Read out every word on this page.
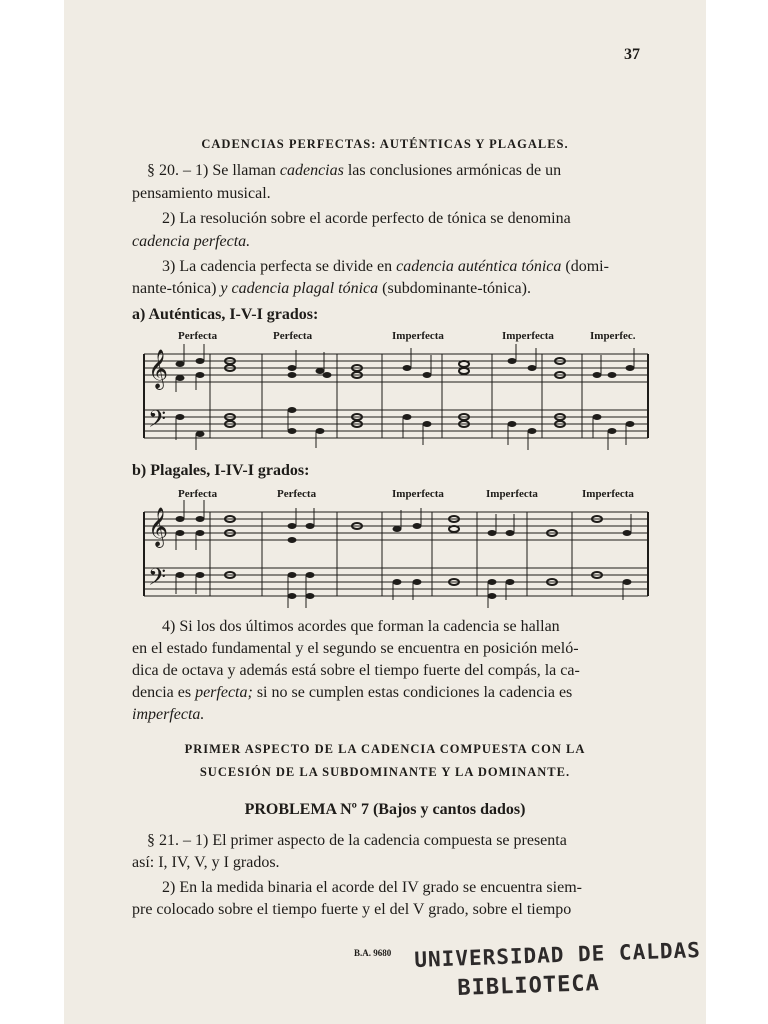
37
CADENCIAS PERFECTAS: AUTÉNTICAS Y PLAGALES.
§ 20. – 1) Se llaman cadencias las conclusiones armónicas de un
pensamiento musical.
2) La resolución sobre el acorde perfecto de tónica se denomina
cadencia perfecta.
3) La cadencia perfecta se divide en cadencia auténtica tónica (domi-
nante-tónica) y cadencia plagal tónica (subdominante-tónica).
a) Auténticas, I-V-I grados:
Perfecta	Perfecta	Imperfecta	Imperfecta	Imperfec.
𝄞
𝄢
b) Plagales, I-IV-I grados:
Perfecta	Perfecta	Imperfecta	Imperfecta	Imperfecta
𝄞
𝄢
4) Si los dos últimos acordes que forman la cadencia se hallan
en el estado fundamental y el segundo se encuentra en posición meló-
dica de octava y además está sobre el tiempo fuerte del compás, la ca-
dencia es perfecta; si no se cumplen estas condiciones la cadencia es
imperfecta.
PRIMER ASPECTO DE LA CADENCIA COMPUESTA CON LA
SUCESIÓN DE LA SUBDOMINANTE Y LA DOMINANTE.
PROBLEMA Nº 7 (Bajos y cantos dados)
§ 21. – 1) El primer aspecto de la cadencia compuesta se presenta
así: I, IV, V, y I grados.
2) En la medida binaria el acorde del IV grado se encuentra siem-
pre colocado sobre el tiempo fuerte y el del V grado, sobre el tiempo
B.A. 9680 UNIVERSIDAD DE CALDAS
BIBLIOTECA
